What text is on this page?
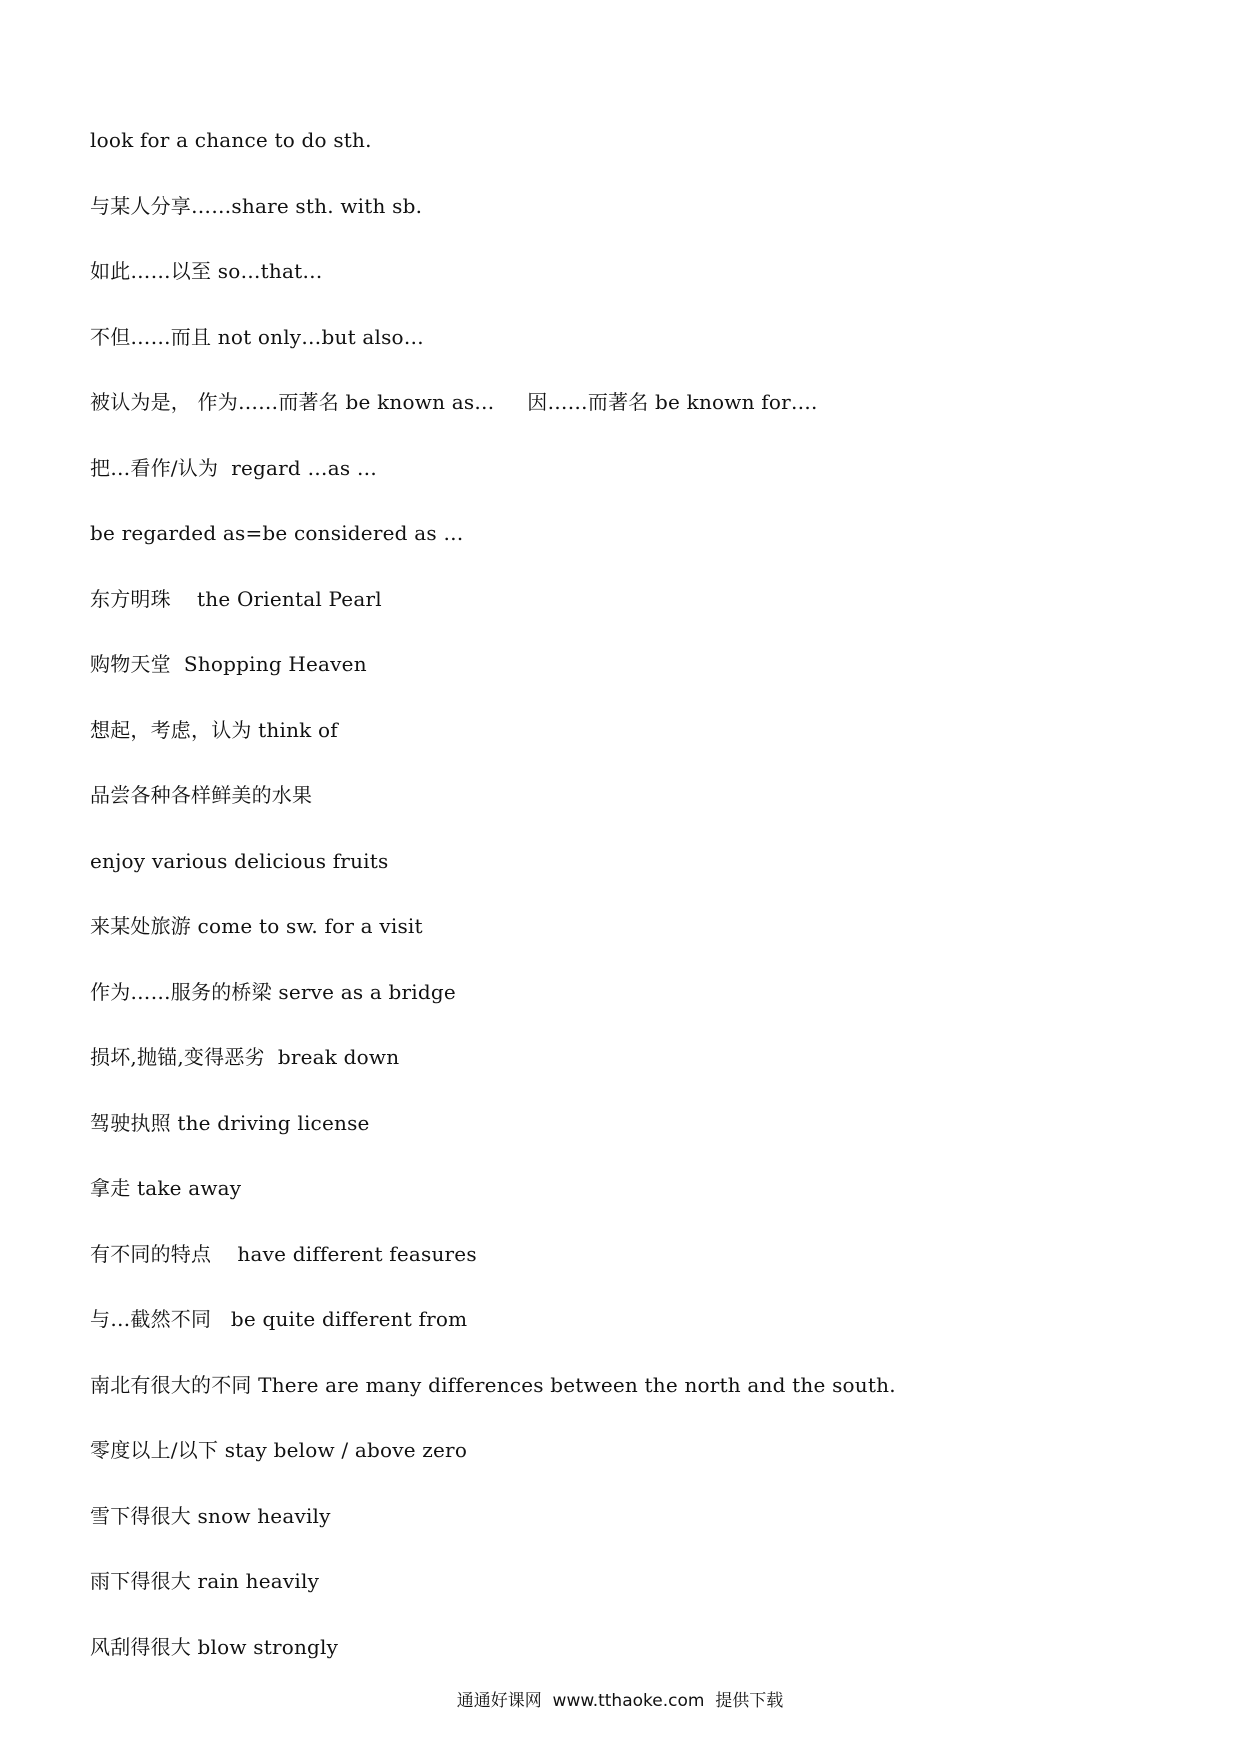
look for a chance to do sth.
与某人分享……share sth. with sb.
如此……以至 so…that…
不但……而且 not only…but also…
被认为是， 作为……而著名 be known as…     因……而著名 be known for….
把…看作/认为  regard …as …
be regarded as=be considered as …
东方明珠    the Oriental Pearl
购物天堂  Shopping Heaven
想起，考虑，认为 think of
品尝各种各样鲜美的水果
enjoy various delicious fruits
来某处旅游 come to sw. for a visit
作为……服务的桥梁 serve as a bridge
损坏,抛锚,变得恶劣  break down
驾驶执照 the driving license
拿走 take away
有不同的特点    have different feasures
与…截然不同   be quite different from
南北有很大的不同 There are many differences between the north and the south.
零度以上/以下 stay below / above zero
雪下得很大 snow heavily
雨下得很大 rain heavily
风刮得很大 blow strongly
通通好课网  www.tthaoke.com  提供下载
